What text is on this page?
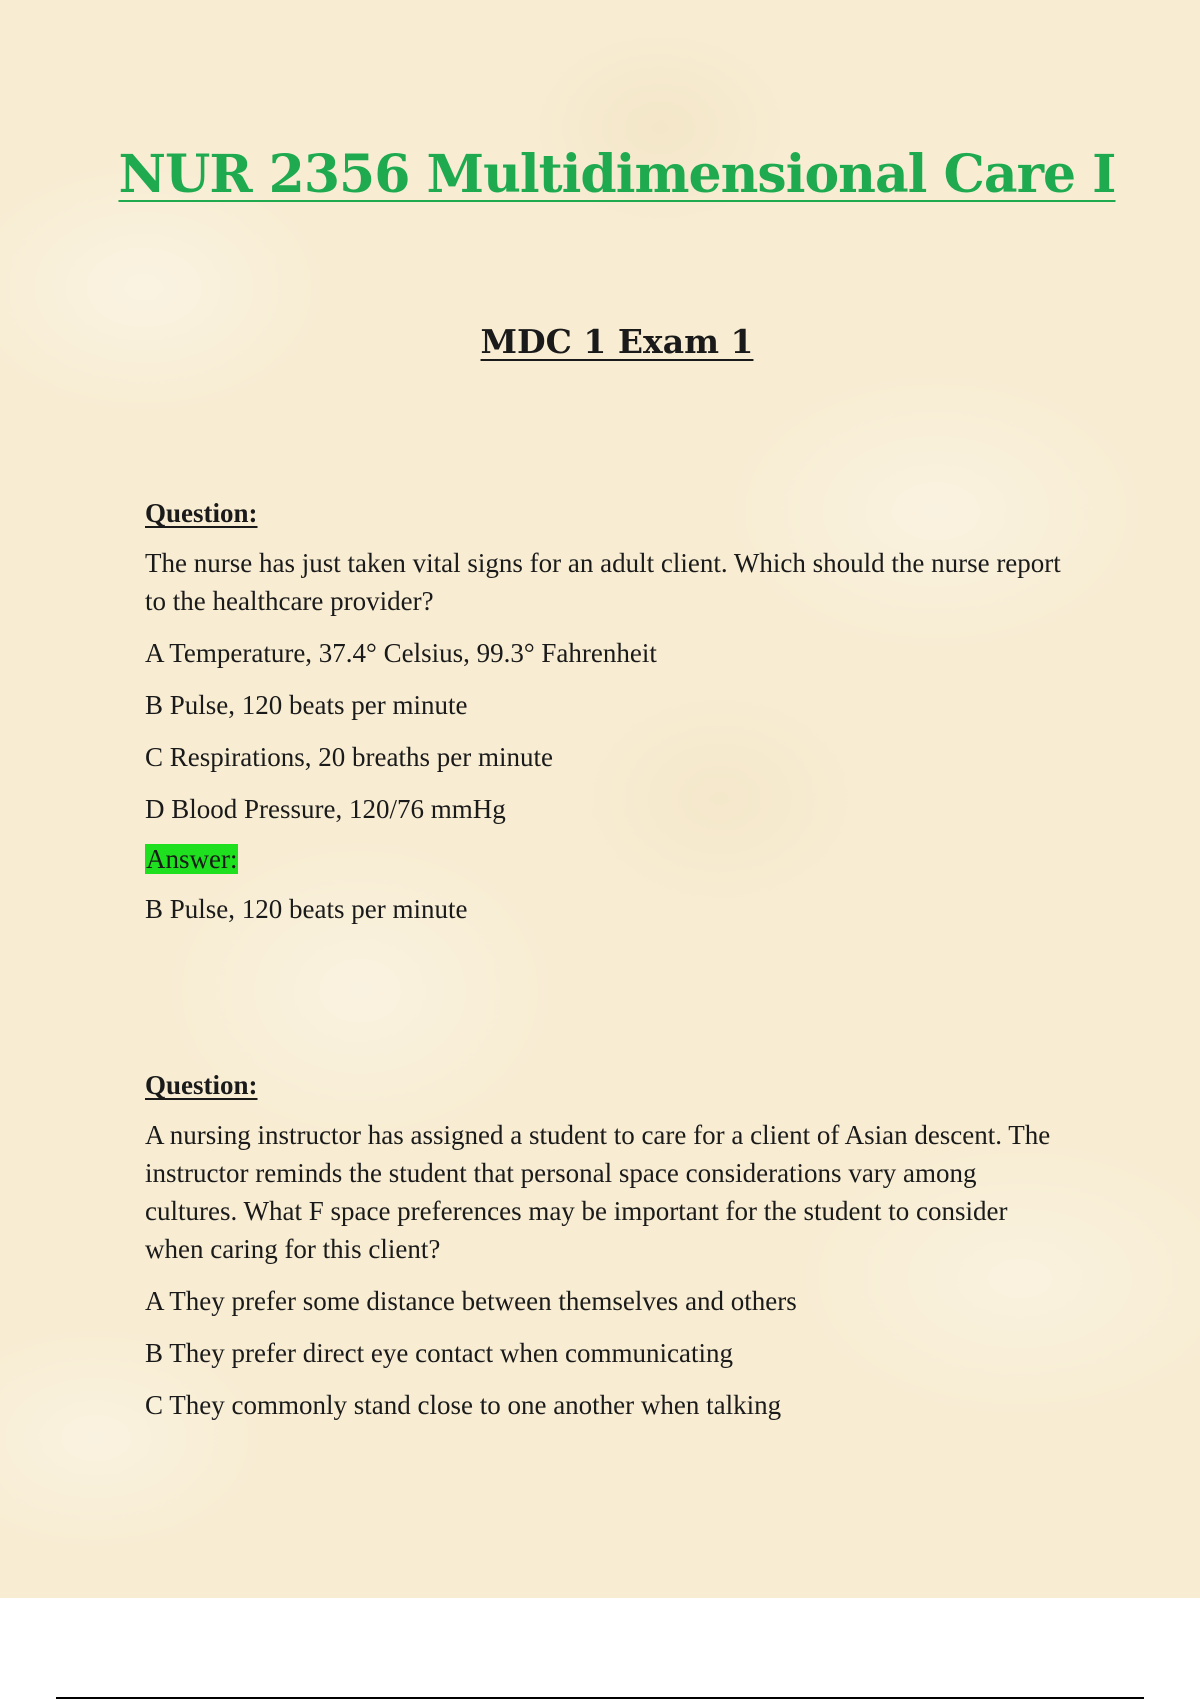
NUR 2356 Multidimensional Care I
MDC 1 Exam 1

Question:

The nurse has just taken vital signs for an adult client. Which should the nurse report to the healthcare provider?

A Temperature, 37.4° Celsius, 99.3° Fahrenheit

B Pulse, 120 beats per minute

C Respirations, 20 breaths per minute

D Blood Pressure, 120/76 mmHg

Answer:

B Pulse, 120 beats per minute

Question:

A nursing instructor has assigned a student to care for a client of Asian descent. The instructor reminds the student that personal space considerations vary among cultures. What F space preferences may be important for the student to consider when caring for this client?

A They prefer some distance between themselves and others

B They prefer direct eye contact when communicating

C They commonly stand close to one another when talking
